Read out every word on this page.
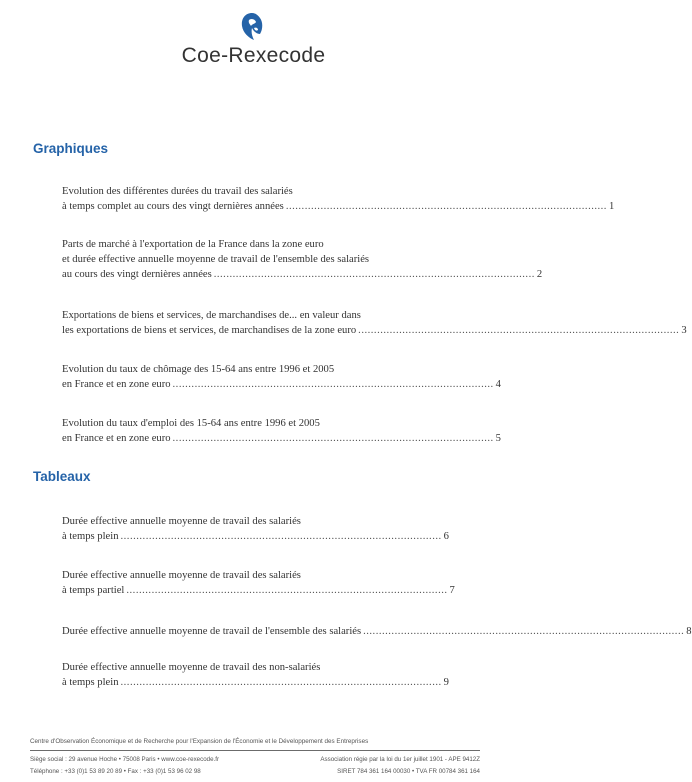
Coe-Rexecode
Graphiques
Evolution des différentes durées du travail des salariés
à temps complet au cours des vingt dernières années ...................................................................................................... 1
Parts de marché à l'exportation de la France dans la zone euro
et durée effective annuelle moyenne de travail de l'ensemble des salariés
au cours des vingt dernières années ...................................................................................................... 2
Exportations de biens et services, de marchandises de... en valeur dans
les exportations de biens et services, de marchandises de la zone euro ...................................................................................................... 3
Evolution du taux de chômage des 15-64 ans entre 1996 et 2005
en France et en zone euro ...................................................................................................... 4
Evolution du taux d'emploi des 15-64 ans entre 1996 et 2005
en France et en zone euro ...................................................................................................... 5
Tableaux
Durée effective annuelle moyenne de travail des salariés
à temps plein ...................................................................................................... 6
Durée effective annuelle moyenne de travail des salariés
à temps partiel ...................................................................................................... 7
Durée effective annuelle moyenne de travail de l'ensemble des salariés ...................................................................................................... 8
Durée effective annuelle moyenne de travail des non-salariés
à temps plein ...................................................................................................... 9
Centre d'Observation Économique et de Recherche pour l'Expansion de l'Économie et le Développement des Entreprises
Siège social : 29 avenue Hoche • 75008 Paris • www.coe-rexecode.fr
Téléphone : +33 (0)1 53 89 20 89 • Fax : +33 (0)1 53 96 02 98
Association régie par la loi du 1er juillet 1901 - APE 9412Z
SIRET 784 361 164 00030 • TVA FR 00784 361 164
